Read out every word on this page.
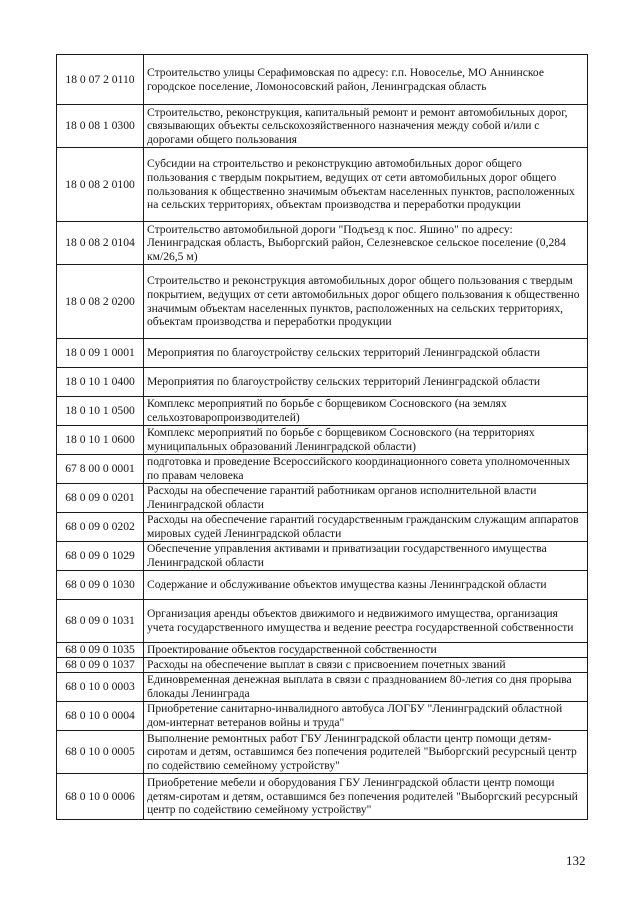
18 0 07 2 0110	Строительство улицы Серафимовская по адресу: г.п. Новоселье, МО Аннинское городское поселение, Ломоносовский район, Ленинградская область
18 0 08 1 0300	Строительство, реконструкция, капитальный ремонт и ремонт автомобильных дорог, связывающих объекты сельскохозяйственного назначения между собой и/или с дорогами общего пользования
18 0 08 2 0100	Субсидии на строительство и реконструкцию автомобильных дорог общего пользования с твердым покрытием, ведущих от сети автомобильных дорог общего пользования к общественно значимым объектам населенных пунктов, расположенных на сельских территориях, объектам производства и переработки продукции
18 0 08 2 0104	Строительство автомобильной дороги "Подъезд к пос. Яшино" по адресу: Ленинградская область, Выборгский район, Селезневское сельское поселение (0,284 км/26,5 м)
18 0 08 2 0200	Строительство и реконструкция автомобильных дорог общего пользования с твердым покрытием, ведущих от сети автомобильных дорог общего пользования к общественно значимым объектам населенных пунктов, расположенных на сельских территориях, объектам производства и переработки продукции
18 0 09 1 0001	Мероприятия по благоустройству сельских территорий Ленинградской области
18 0 10 1 0400	Мероприятия по благоустройству сельских территорий Ленинградской области
18 0 10 1 0500	Комплекс мероприятий по борьбе с борщевиком Сосновского (на землях сельхозтоваропроизводителей)
18 0 10 1 0600	Комплекс мероприятий по борьбе с борщевиком Сосновского (на территориях муниципальных образований Ленинградской области)
67 8 00 0 0001	подготовка и проведение Всероссийского координационного совета уполномоченных по правам человека
68 0 09 0 0201	Расходы на обеспечение гарантий работникам органов исполнительной власти Ленинградской области
68 0 09 0 0202	Расходы на обеспечение гарантий государственным гражданским служащим аппаратов мировых судей Ленинградской области
68 0 09 0 1029	Обеспечение управления активами и приватизации государственного имущества Ленинградской области
68 0 09 0 1030	Содержание и обслуживание объектов имущества казны Ленинградской области
68 0 09 0 1031	Организация аренды объектов движимого и недвижимого имущества, организация учета государственного имущества и ведение реестра государственной собственности
68 0 09 0 1035	Проектирование объектов государственной собственности
68 0 09 0 1037	Расходы на обеспечение выплат в связи с присвоением почетных званий
68 0 10 0 0003	Единовременная денежная выплата в связи с празднованием 80-летия со дня прорыва блокады Ленинграда
68 0 10 0 0004	Приобретение санитарно-инвалидного автобуса ЛОГБУ "Ленинградский областной дом-интернат ветеранов войны и труда"
68 0 10 0 0005	Выполнение ремонтных работ ГБУ Ленинградской области центр помощи детям-сиротам и детям, оставшимся без попечения родителей "Выборгский ресурсный центр по содействию семейному устройству"
68 0 10 0 0006	Приобретение мебели и оборудования ГБУ Ленинградской области центр помощи детям-сиротам и детям, оставшимся без попечения родителей "Выборгский ресурсный центр по содействию семейному устройству"
132
